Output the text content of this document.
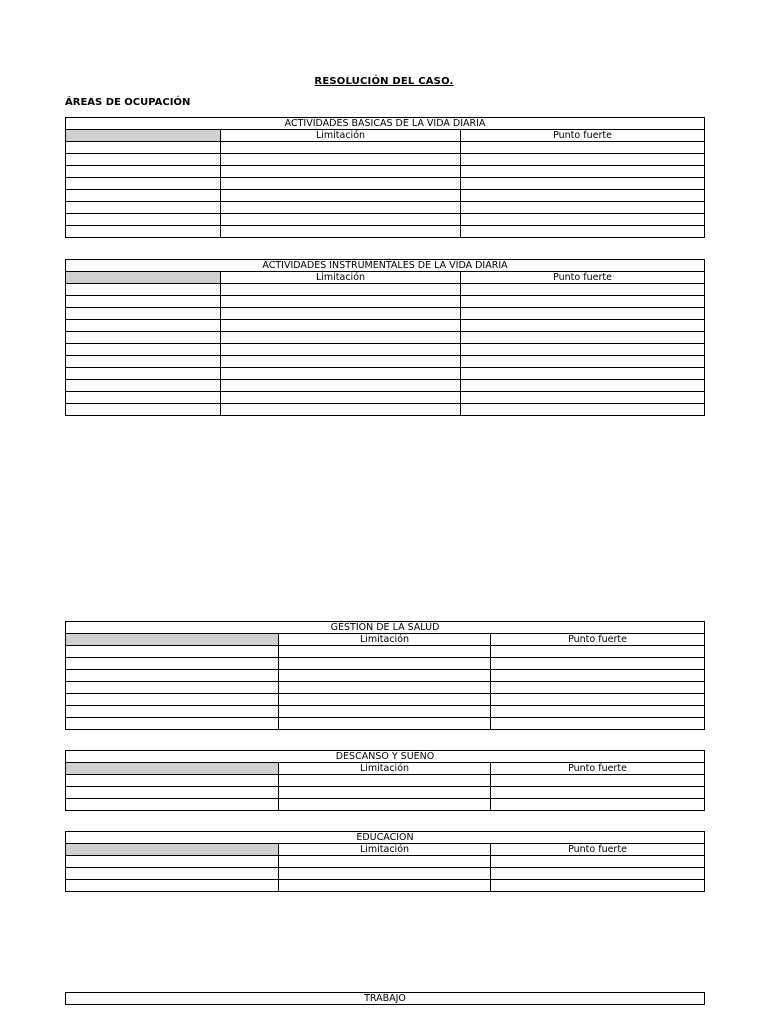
RESOLUCIÓN DEL CASO.
ÁREAS DE OCUPACIÓN
ACTIVIDADES BASICAS DE LA VIDA DIARIA		
	Limitación	Punto fuerte

ACTIVIDADES INSTRUMENTALES DE LA VIDA DIARIA		
	Limitación	Punto fuerte

GESTION DE LA SALUD		
	Limitación	Punto fuerte

DESCANSO Y SUEÑO		
	Limitación	Punto fuerte

EDUCACION		
	Limitación	Punto fuerte

TRABAJO
